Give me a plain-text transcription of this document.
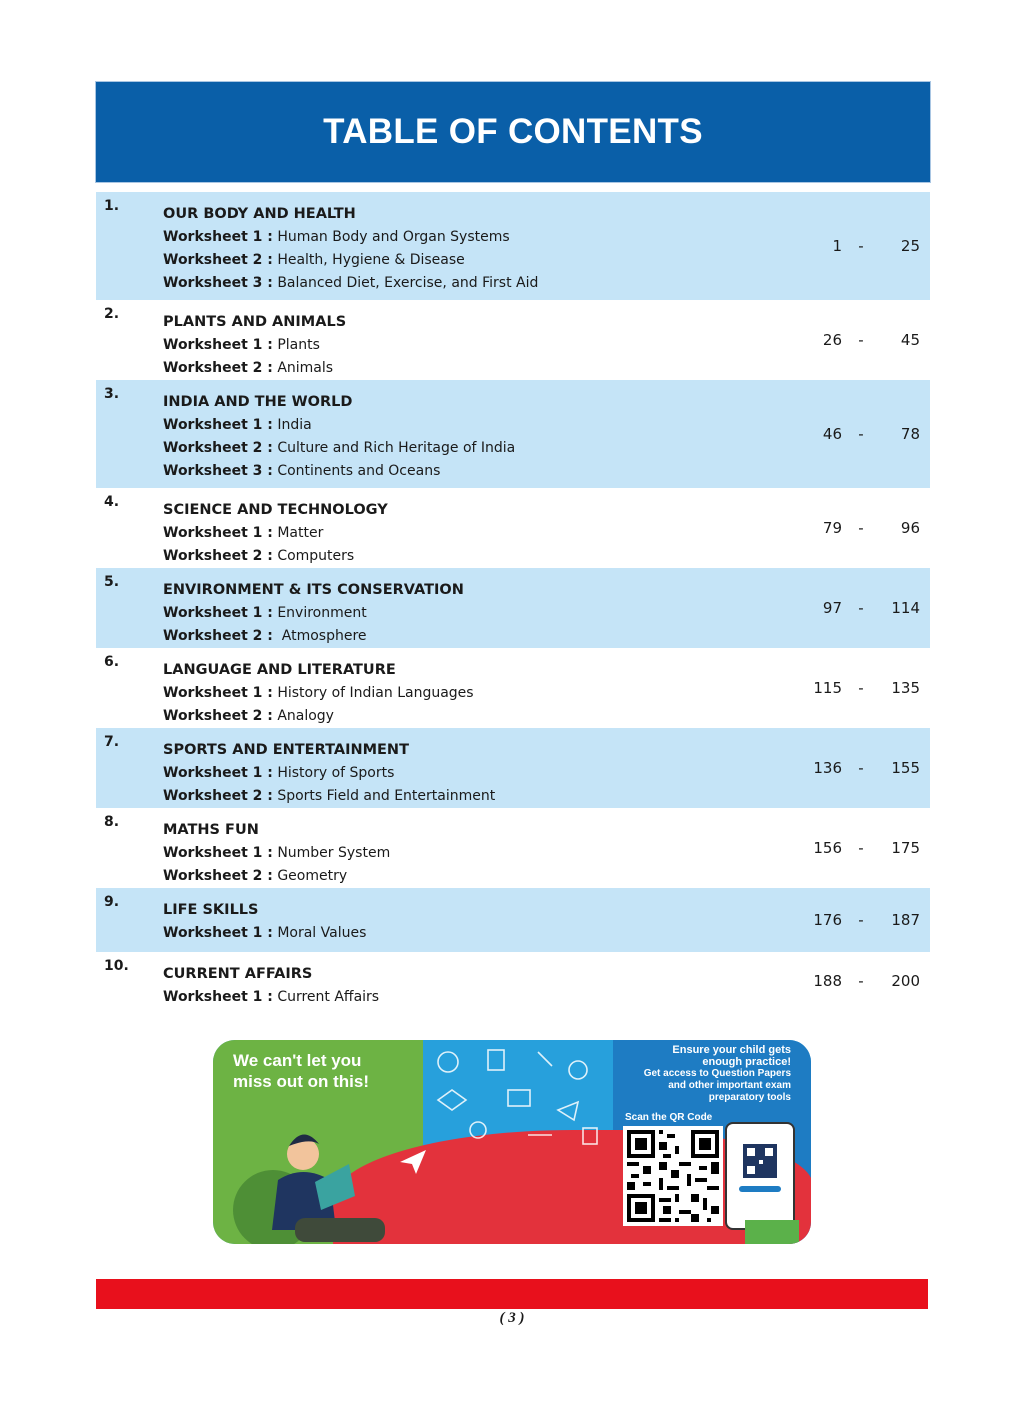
TABLE OF CONTENTS
1.	OUR BODY AND HEALTH
Worksheet 1 : Human Body and Organ Systems
Worksheet 2 : Health, Hygiene & Disease
Worksheet 3 : Balanced Diet, Exercise, and First Aid
1	-	25
2.	PLANTS AND ANIMALS
Worksheet 1 : Plants
Worksheet 2 : Animals
26	-	45
3.	INDIA AND THE WORLD
Worksheet 1 : India
Worksheet 2 : Culture and Rich Heritage of India
Worksheet 3 : Continents and Oceans
46	-	78
4.	SCIENCE AND TECHNOLOGY
Worksheet 1 : Matter
Worksheet 2 : Computers
79	-	96
5.	ENVIRONMENT & ITS CONSERVATION
Worksheet 1 : Environment
Worksheet 2 :  Atmosphere
97	-	114
6.	LANGUAGE AND LITERATURE
Worksheet 1 : History of Indian Languages
Worksheet 2 : Analogy
115	-	135
7.	SPORTS AND ENTERTAINMENT
Worksheet 1 : History of Sports
Worksheet 2 : Sports Field and Entertainment
136	-	155
8.	MATHS FUN
Worksheet 1 : Number System
Worksheet 2 : Geometry
156	-	175
9.	LIFE SKILLS
Worksheet 1 : Moral Values
176	-	187
10. CURRENT AFFAIRS
Worksheet 1 : Current Affairs
188	-	200
We can't let you
miss out on this!
Ensure your child gets
enough practice!
Get access to Question Papers
and other important exam
preparatory tools
Scan the QR Code
( 3 )
